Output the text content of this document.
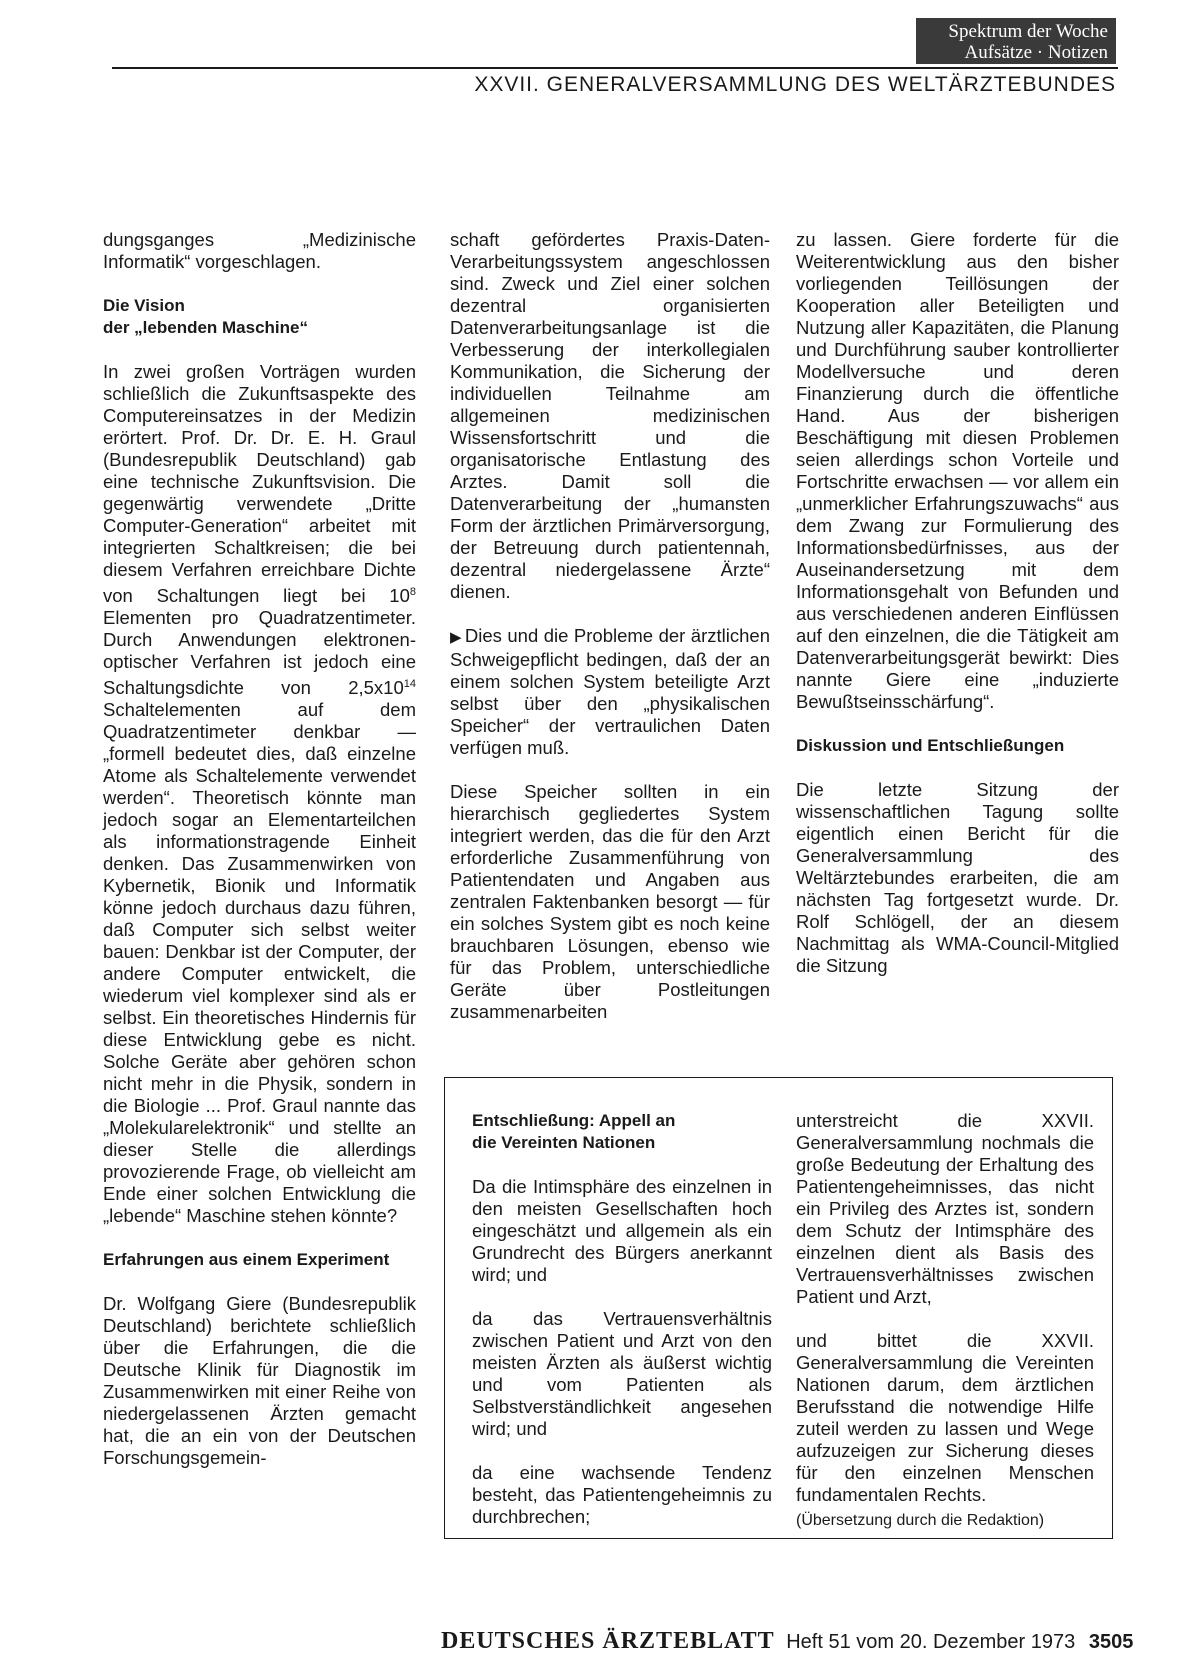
Spektrum der Woche
Aufsätze · Notizen
XXVII. GENERALVERSAMMLUNG DES WELTÄRZTEBUNDES

dungsganges „Medizinische Informatik“ vorgeschlagen.

Die Vision
der „lebenden Maschine“

In zwei großen Vorträgen wurden schließlich die Zukunftsaspekte des Computereinsatzes in der Medizin erörtert. Prof. Dr. Dr. E. H. Graul (Bundesrepublik Deutschland) gab eine technische Zukunftsvision. Die gegenwärtig verwendete „Dritte Computer-Generation“ arbeitet mit integrierten Schaltkreisen; die bei diesem Verfahren erreichbare Dichte von Schaltungen liegt bei $10^8$ Elementen pro Quadratzentimeter. Durch Anwendungen elektronen-optischer Verfahren ist jedoch eine Schaltungsdichte von $2,5x10^{14}$ Schaltelementen auf dem Quadratzentimeter denkbar — „formell bedeutet dies, daß einzelne Atome als Schaltelemente verwendet werden“. Theoretisch könnte man jedoch sogar an Elementarteilchen als informationstragende Einheit denken. Das Zusammenwirken von Kybernetik, Bionik und Informatik könne jedoch durchaus dazu führen, daß Computer sich selbst weiter bauen: Denkbar ist der Computer, der andere Computer entwickelt, die wiederum viel komplexer sind als er selbst. Ein theoretisches Hindernis für diese Entwicklung gebe es nicht. Solche Geräte aber gehören schon nicht mehr in die Physik, sondern in die Biologie ... Prof. Graul nannte das „Molekularelektronik“ und stellte an dieser Stelle die allerdings provozierende Frage, ob vielleicht am Ende einer solchen Entwicklung die „lebende“ Maschine stehen könnte?

Erfahrungen aus einem Experiment

Dr. Wolfgang Giere (Bundesrepublik Deutschland) berichtete schließlich über die Erfahrungen, die die Deutsche Klinik für Diagnostik im Zusammenwirken mit einer Reihe von niedergelassenen Ärzten gemacht hat, die an ein von der Deutschen Forschungsgemein-

schaft gefördertes Praxis-Daten-Verarbeitungssystem angeschlossen sind. Zweck und Ziel einer solchen dezentral organisierten Datenverarbeitungsanlage ist die Verbesserung der interkollegialen Kommunikation, die Sicherung der individuellen Teilnahme am allgemeinen medizinischen Wissensfortschritt und die organisatorische Entlastung des Arztes. Damit soll die Datenverarbeitung der „humansten Form der ärztlichen Primärversorgung, der Betreuung durch patientennah, dezentral niedergelassene Ärzte“ dienen.

▶ Dies und die Probleme der ärztlichen Schweigepflicht bedingen, daß der an einem solchen System beteiligte Arzt selbst über den „physikalischen Speicher“ der vertraulichen Daten verfügen muß.

Diese Speicher sollten in ein hierarchisch gegliedertes System integriert werden, das die für den Arzt erforderliche Zusammenführung von Patientendaten und Angaben aus zentralen Faktenbanken besorgt — für ein solches System gibt es noch keine brauchbaren Lösungen, ebenso wie für das Problem, unterschiedliche Geräte über Postleitungen zusammenarbeiten

zu lassen. Giere forderte für die Weiterentwicklung aus den bisher vorliegenden Teillösungen der Kooperation aller Beteiligten und Nutzung aller Kapazitäten, die Planung und Durchführung sauber kontrollierter Modellversuche und deren Finanzierung durch die öffentliche Hand. Aus der bisherigen Beschäftigung mit diesen Problemen seien allerdings schon Vorteile und Fortschritte erwachsen — vor allem ein „unmerklicher Erfahrungszuwachs“ aus dem Zwang zur Formulierung des Informationsbedürfnisses, aus der Auseinandersetzung mit dem Informationsgehalt von Befunden und aus verschiedenen anderen Einflüssen auf den einzelnen, die die Tätigkeit am Datenverarbeitungsgerät bewirkt: Dies nannte Giere eine „induzierte Bewußtseinsschärfung“.

Diskussion und Entschließungen

Die letzte Sitzung der wissenschaftlichen Tagung sollte eigentlich einen Bericht für die Generalversammlung des Weltärztebundes erarbeiten, die am nächsten Tag fortgesetzt wurde. Dr. Rolf Schlögell, der an diesem Nachmittag als WMA-Council-Mitglied die Sitzung

Entschließung: Appell an
die Vereinten Nationen

Da die Intimsphäre des einzelnen in den meisten Gesellschaften hoch eingeschätzt und allgemein als ein Grundrecht des Bürgers anerkannt wird; und

da das Vertrauensverhältnis zwischen Patient und Arzt von den meisten Ärzten als äußerst wichtig und vom Patienten als Selbstverständlichkeit angesehen wird; und

da eine wachsende Tendenz besteht, das Patientengeheimnis zu durchbrechen;

unterstreicht die XXVII. Generalversammlung nochmals die große Bedeutung der Erhaltung des Patientengeheimnisses, das nicht ein Privileg des Arztes ist, sondern dem Schutz der Intimsphäre des einzelnen dient als Basis des Vertrauensverhältnisses zwischen Patient und Arzt,

und bittet die XXVII. Generalversammlung die Vereinten Nationen darum, dem ärztlichen Berufsstand die notwendige Hilfe zuteil werden zu lassen und Wege aufzuzeigen zur Sicherung dieses für den einzelnen Menschen fundamentalen Rechts.

(Übersetzung durch die Redaktion)
DEUTSCHES ÄRZTEBLATT Heft 51 vom 20. Dezember 1973 3505
